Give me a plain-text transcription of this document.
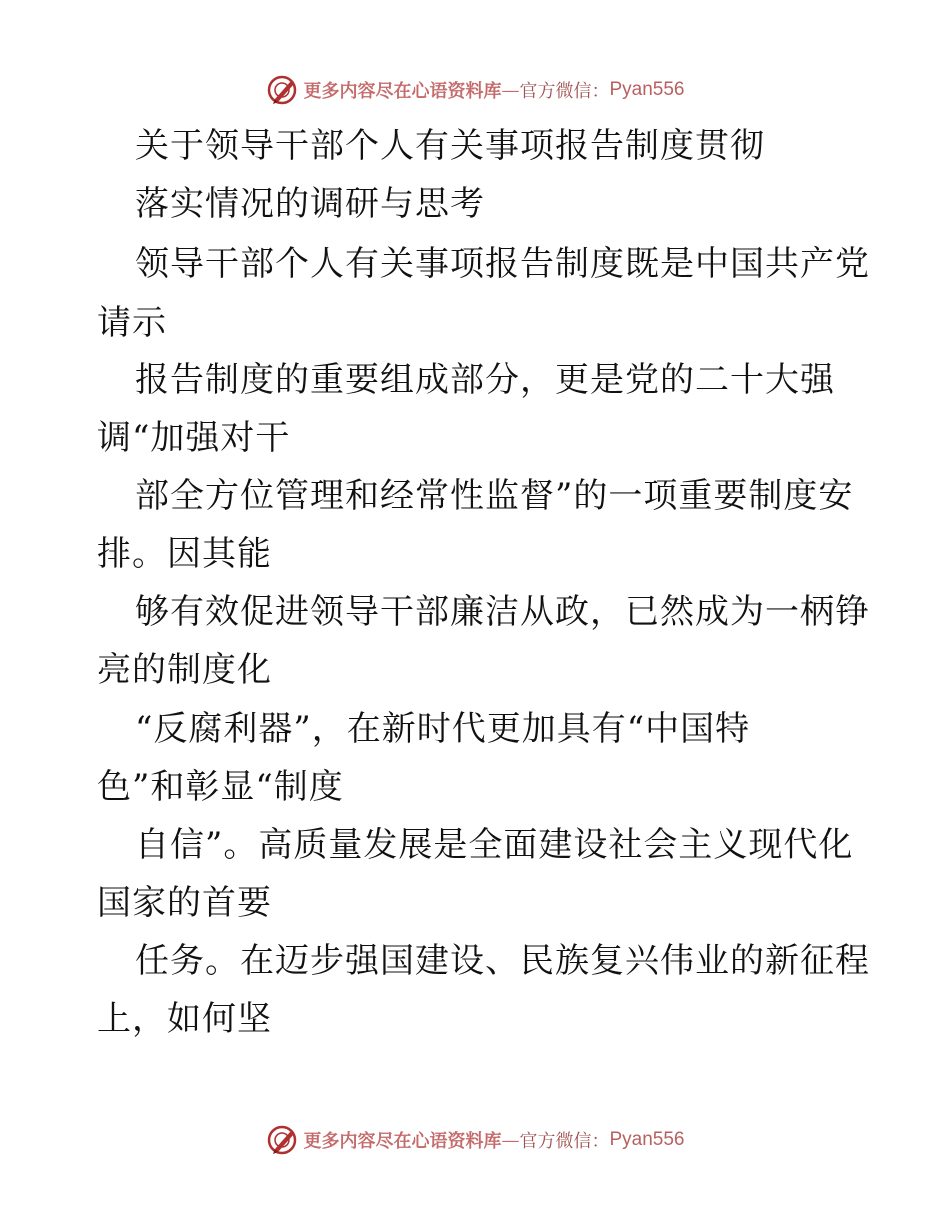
更多内容尽在心语资料库 — 官方微信： Pyan556
关于领导干部个人有关事项报告制度贯彻
落实情况的调研与思考
领导干部个人有关事项报告制度既是中国共产党
请示
报告制度的重要组成部分，更是党的二十大强
调“加强对干
部全方位管理和经常性监督”的一项重要制度安
排。因其能
够有效促进领导干部廉洁从政，已然成为一柄铮
亮的制度化
“反腐利器”，在新时代更加具有“中国特
色”和彰显“制度
自信”。高质量发展是全面建设社会主义现代化
国家的首要
任务。在迈步强国建设、民族复兴伟业的新征程
上，如何坚
更多内容尽在心语资料库 — 官方微信： Pyan556
